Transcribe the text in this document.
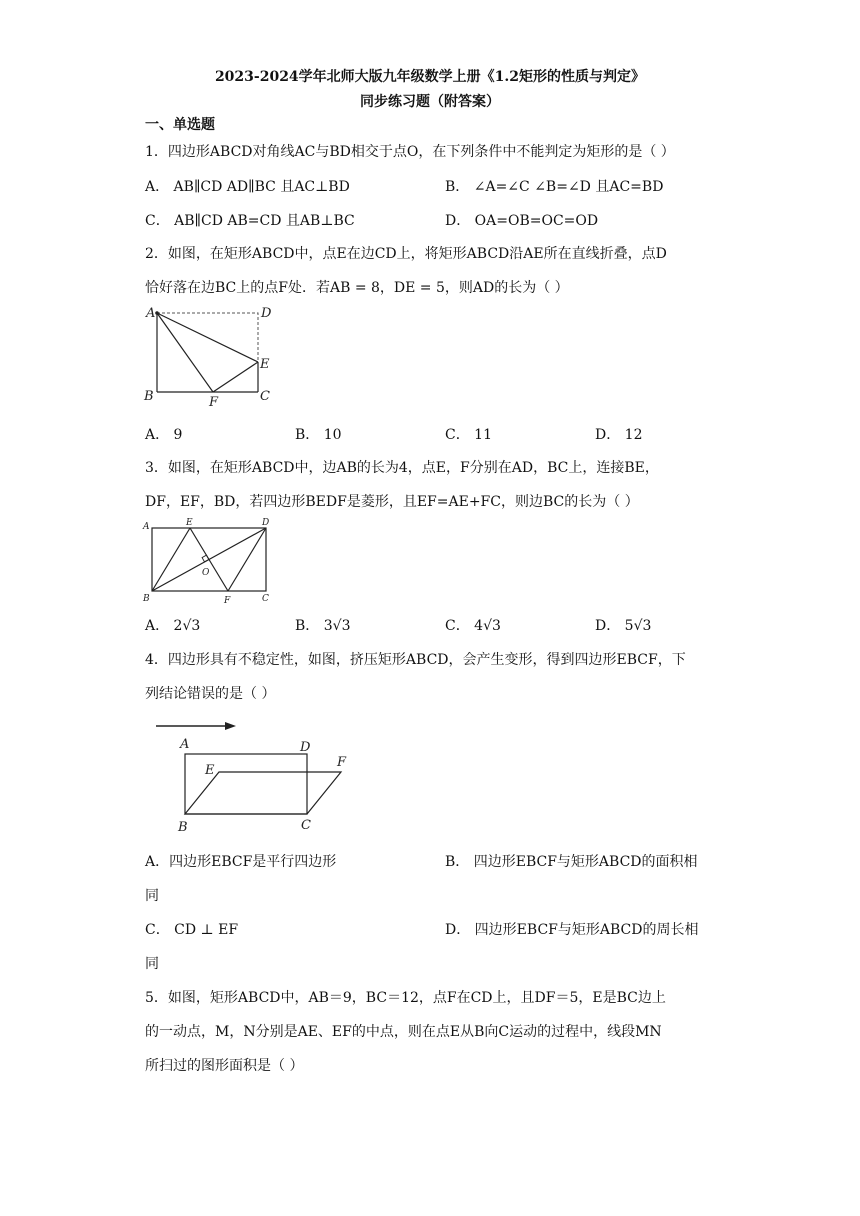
2023-2024学年北师大版九年级数学上册《1.2矩形的性质与判定》
同步练习题（附答案）
一、单选题
1．四边形ABCD对角线AC与BD相交于点O，在下列条件中不能判定为矩形的是（ ）
A． AB∥CD AD∥BC 且AC⊥BD	B． ∠A=∠C ∠B=∠D 且AC=BD
C． AB∥CD AB=CD 且AB⊥BC	D． OA=OB=OC=OD
2．如图，在矩形ABCD中，点E在边CD上，将矩形ABCD沿AE所在直线折叠，点D
恰好落在边BC上的点F处．若AB = 8，DE = 5，则AD的长为（ ）
A	D
E
B	F	C
A． 9	B． 10	C． 11	D． 12
3．如图，在矩形ABCD中，边AB的长为4，点E，F分别在AD，BC上，连接BE，
DF，EF，BD，若四边形BEDF是菱形，且EF=AE+FC，则边BC的长为（ ）
A	E	D
O
B	F	C
A． 2√3	B． 3√3	C． 4√3	D． 5√3
4．四边形具有不稳定性，如图，挤压矩形ABCD，会产生变形，得到四边形EBCF，下
列结论错误的是（ ）
A	D
E
F
B	C
A．四边形EBCF是平行四边形	B． 四边形EBCF与矩形ABCD的面积相
同
C． CD ⊥ EF	D． 四边形EBCF与矩形ABCD的周长相
同
5．如图，矩形ABCD中，AB＝9，BC＝12，点F在CD上，且DF＝5，E是BC边上
的一动点，M，N分别是AE、EF的中点，则在点E从B向C运动的过程中，线段MN
所扫过的图形面积是（ ）
